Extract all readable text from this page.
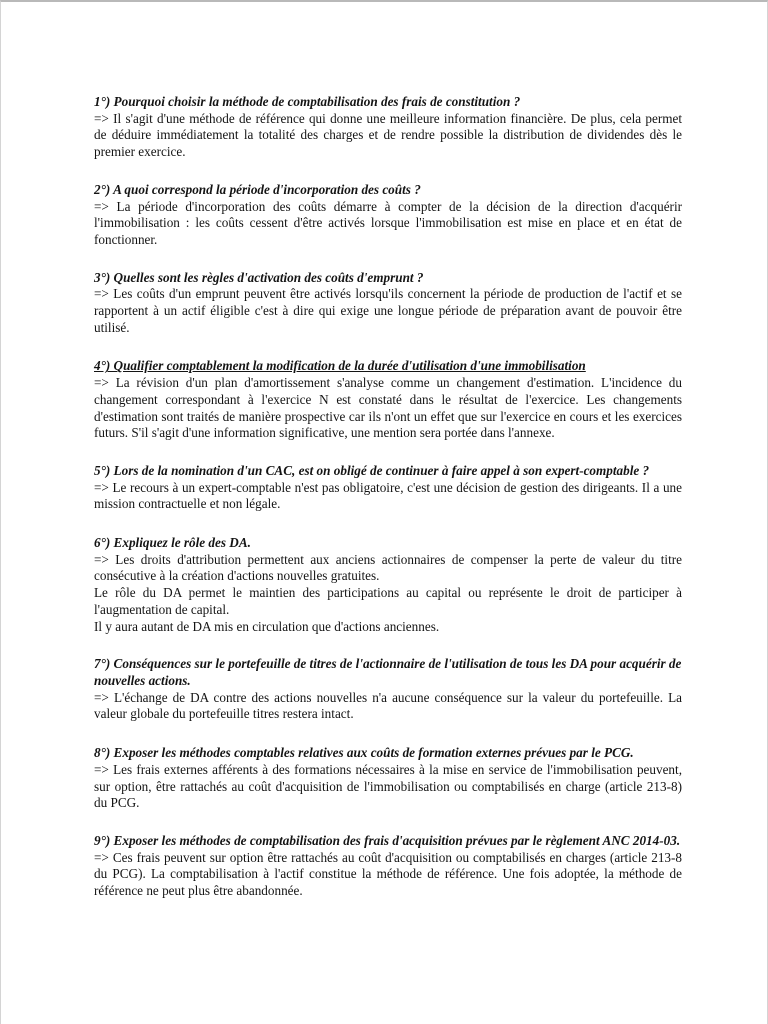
1°) Pourquoi choisir la méthode de comptabilisation des frais de constitution ?

=> Il s'agit d'une méthode de référence qui donne une meilleure information financière. De plus, cela permet de déduire immédiatement la totalité des charges et de rendre possible la distribution de dividendes dès le premier exercice.

2°) A quoi correspond la période d'incorporation des coûts ?

=> La période d'incorporation des coûts démarre à compter de la décision de la direction d'acquérir l'immobilisation : les coûts cessent d'être activés lorsque l'immobilisation est mise en place et en état de fonctionner.

3°) Quelles sont les règles d'activation des coûts d'emprunt ?

=> Les coûts d'un emprunt peuvent être activés lorsqu'ils concernent la période de production de l'actif et se rapportent à un actif éligible c'est à dire qui exige une longue période de préparation avant de pouvoir être utilisé.

4°) Qualifier comptablement la modification de la durée d'utilisation d'une immobilisation

=> La révision d'un plan d'amortissement s'analyse comme un changement d'estimation. L'incidence du changement correspondant à l'exercice N est constaté dans le résultat de l'exercice. Les changements d'estimation sont traités de manière prospective car ils n'ont un effet que sur l'exercice en cours et les exercices futurs. S'il s'agit d'une information significative, une mention sera portée dans l'annexe.

5°) Lors de la nomination d'un CAC, est on obligé de continuer à faire appel à son expert-comptable ?

=> Le recours à un expert-comptable n'est pas obligatoire, c'est une décision de gestion des dirigeants. Il a une mission contractuelle et non légale.

6°) Expliquez le rôle des DA.

=> Les droits d'attribution permettent aux anciens actionnaires de compenser la perte de valeur du titre consécutive à la création d'actions nouvelles gratuites.

Le rôle du DA permet le maintien des participations au capital ou représente le droit de participer à l'augmentation de capital.

Il y aura autant de DA mis en circulation que d'actions anciennes.

7°) Conséquences sur le portefeuille de titres de l'actionnaire de l'utilisation de tous les DA pour acquérir de nouvelles actions.

=> L'échange de DA contre des actions nouvelles n'a aucune conséquence sur la valeur du portefeuille. La valeur globale du portefeuille titres restera intact.

8°) Exposer les méthodes comptables relatives aux coûts de formation externes prévues par le PCG.

=> Les frais externes afférents à des formations nécessaires à la mise en service de l'immobilisation peuvent, sur option, être rattachés au coût d'acquisition de l'immobilisation ou comptabilisés en charge (article 213-8) du PCG.

9°) Exposer les méthodes de comptabilisation des frais d'acquisition prévues par le règlement ANC 2014-03.

=> Ces frais peuvent sur option être rattachés au coût d'acquisition ou comptabilisés en charges (article 213-8 du PCG). La comptabilisation à l'actif constitue la méthode de référence. Une fois adoptée, la méthode de référence ne peut plus être abandonnée.
